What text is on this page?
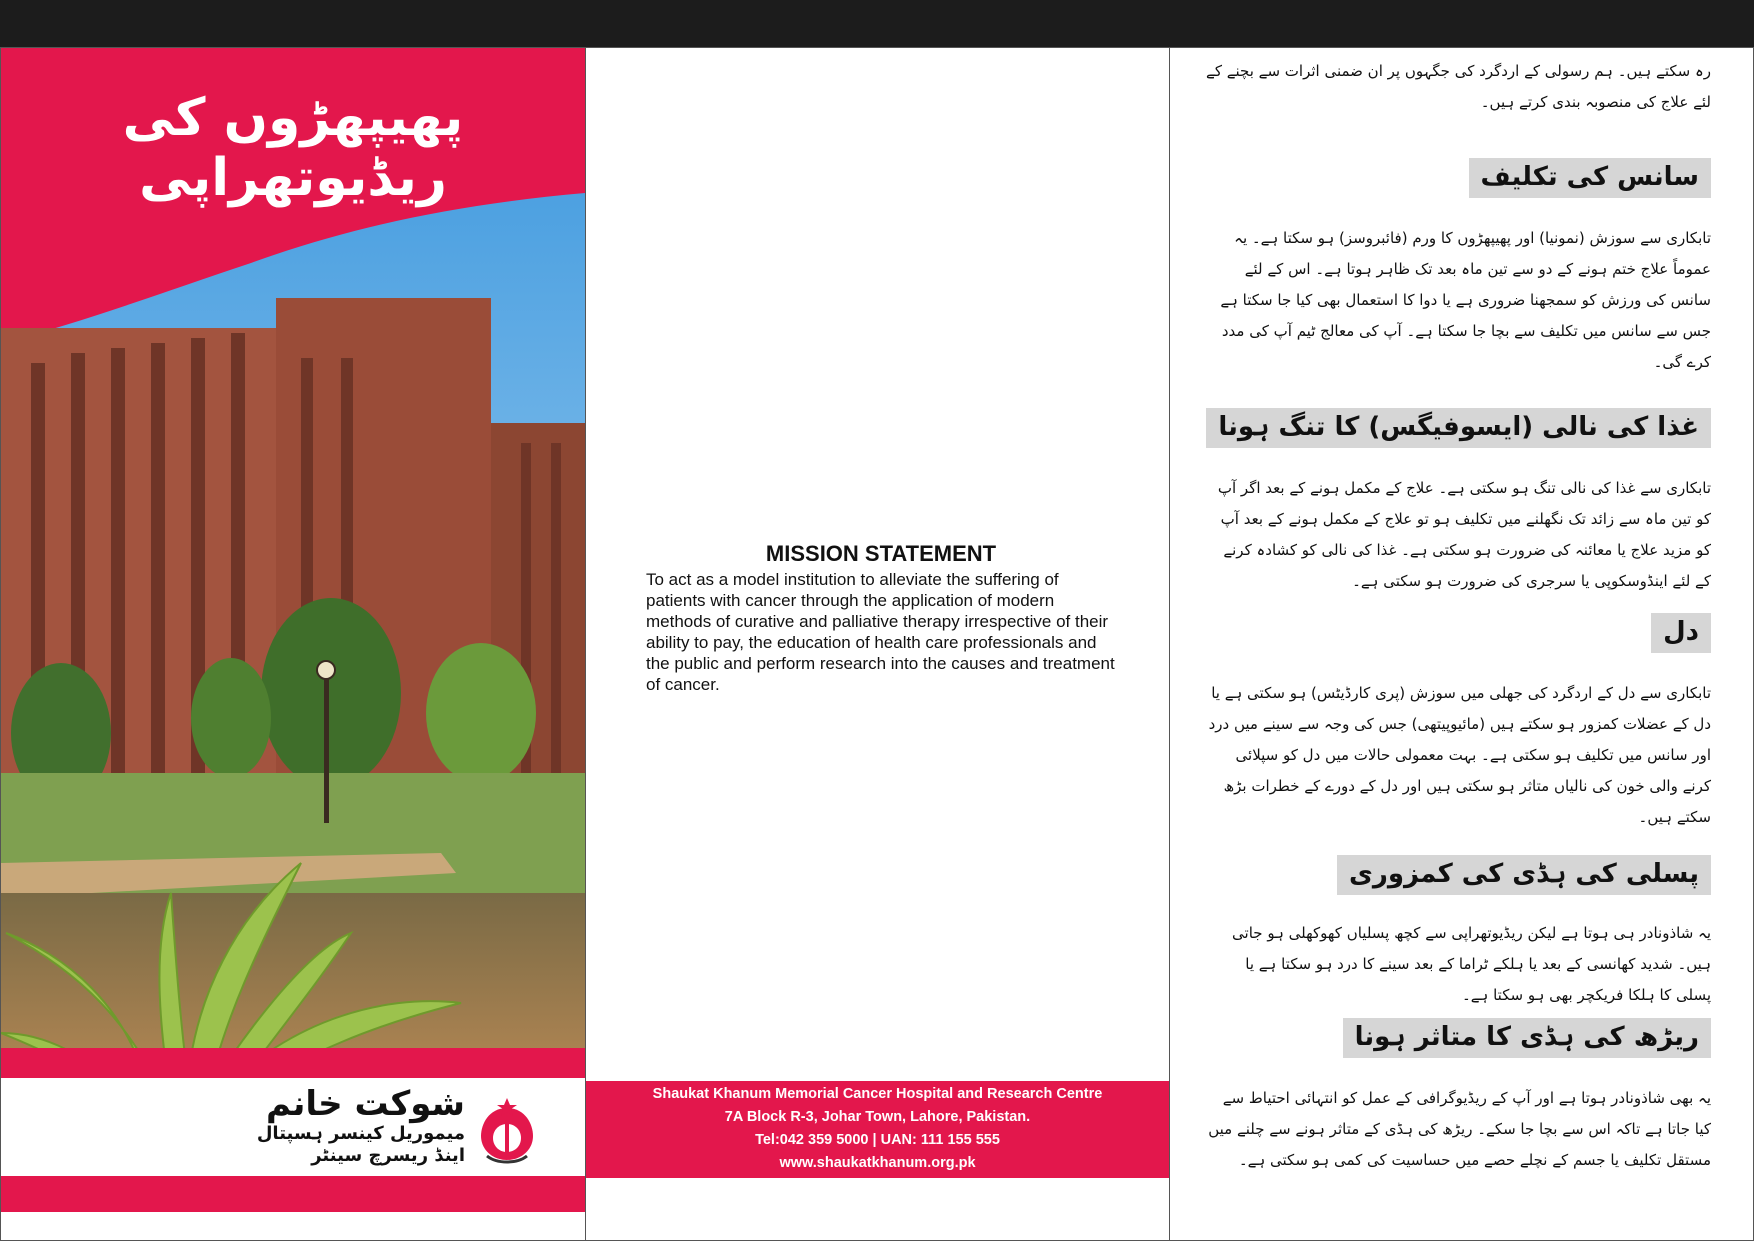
پھیپھڑوں کی ریڈیوتھراپی
شوکت خانم
میموریل کینسر ہسپتال
اینڈ ریسرچ سینٹر
MISSION STATEMENT

To act as a model institution to alleviate the suffering of patients with cancer through the application of modern methods of curative and palliative therapy irrespective of their ability to pay, the education of health care professionals and the public and perform research into the causes and treatment of cancer.

Shaukat Khanum Memorial Cancer Hospital and Research Centre
7A Block R-3, Johar Town, Lahore, Pakistan.
Tel:042 359 5000 | UAN: 111 155 555
www.shaukatkhanum.org.pk
رہ سکتے ہیں۔ ہم رسولی کے اردگرد کی جگہوں پر ان ضمنی اثرات سے بچنے کے لئے علاج کی منصوبہ بندی کرتے ہیں۔
سانس کی تکلیف
تابکاری سے سوزش (نمونیا) اور پھیپھڑوں کا ورم (فائبروسز) ہو سکتا ہے۔ یہ عموماً علاج ختم ہونے کے دو سے تین ماہ بعد تک ظاہر ہوتا ہے۔ اس کے لئے سانس کی ورزش کو سمجھنا ضروری ہے یا دوا کا استعمال بھی کیا جا سکتا ہے جس سے سانس میں تکلیف سے بچا جا سکتا ہے۔ آپ کی معالج ٹیم آپ کی مدد کرے گی۔
غذا کی نالی (ایسوفیگس) کا تنگ ہونا
تابکاری سے غذا کی نالی تنگ ہو سکتی ہے۔ علاج کے مکمل ہونے کے بعد اگر آپ کو تین ماہ سے زائد تک نگھلنے میں تکلیف ہو تو علاج کے مکمل ہونے کے بعد آپ کو مزید علاج یا معائنہ کی ضرورت ہو سکتی ہے۔ غذا کی نالی کو کشادہ کرنے کے لئے اینڈوسکوپی یا سرجری کی ضرورت ہو سکتی ہے۔
دل
تابکاری سے دل کے اردگرد کی جھلی میں سوزش (پری کارڈیٹس) ہو سکتی ہے یا دل کے عضلات کمزور ہو سکتے ہیں (مائیوپیتھی) جس کی وجہ سے سینے میں درد اور سانس میں تکلیف ہو سکتی ہے۔ بہت معمولی حالات میں دل کو سپلائی کرنے والی خون کی نالیاں متاثر ہو سکتی ہیں اور دل کے دورے کے خطرات بڑھ سکتے ہیں۔
پسلی کی ہڈی کی کمزوری
یہ شاذونادر ہی ہوتا ہے لیکن ریڈیوتھراپی سے کچھ پسلیاں کھوکھلی ہو جاتی ہیں۔ شدید کھانسی کے بعد یا ہلکے ٹراما کے بعد سینے کا درد ہو سکتا ہے یا پسلی کا ہلکا فریکچر بھی ہو سکتا ہے۔
ریڑھ کی ہڈی کا متاثر ہونا
یہ بھی شاذونادر ہوتا ہے اور آپ کے ریڈیوگرافی کے عمل کو انتہائی احتیاط سے کیا جاتا ہے تاکہ اس سے بچا جا سکے۔ ریڑھ کی ہڈی کے متاثر ہونے سے چلنے میں مستقل تکلیف یا جسم کے نچلے حصے میں حساسیت کی کمی ہو سکتی ہے۔
